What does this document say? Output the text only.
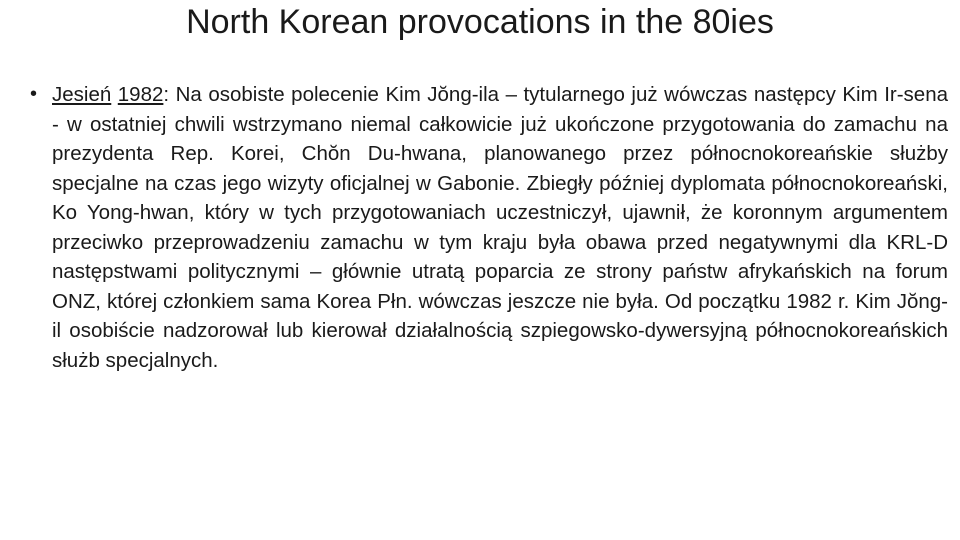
North Korean provocations in the 80ies
• Jesień 1982: Na osobiste polecenie Kim Jŏng-ila – tytularnego już wówczas następcy Kim Ir-sena - w ostatniej chwili wstrzymano niemal całkowicie już ukończone przygotowania do zamachu na prezydenta Rep. Korei, Chŏn Du-hwana, planowanego przez północnokoreańskie służby specjalne na czas jego wizyty oficjalnej w Gabonie. Zbiegły później dyplomata północnokoreański, Ko Yong-hwan, który w tych przygotowaniach uczestniczył, ujawnił, że koronnym argumentem przeciwko przeprowadzeniu zamachu w tym kraju była obawa przed negatywnymi dla KRL-D następstwami politycznymi – głównie utratą poparcia ze strony państw afrykańskich na forum ONZ, której członkiem sama Korea Płn. wówczas jeszcze nie była. Od początku 1982 r. Kim Jŏng-il osobiście nadzorował lub kierował działalnością szpiegowsko-dywersyjną północnokoreańskich służb specjalnych.
